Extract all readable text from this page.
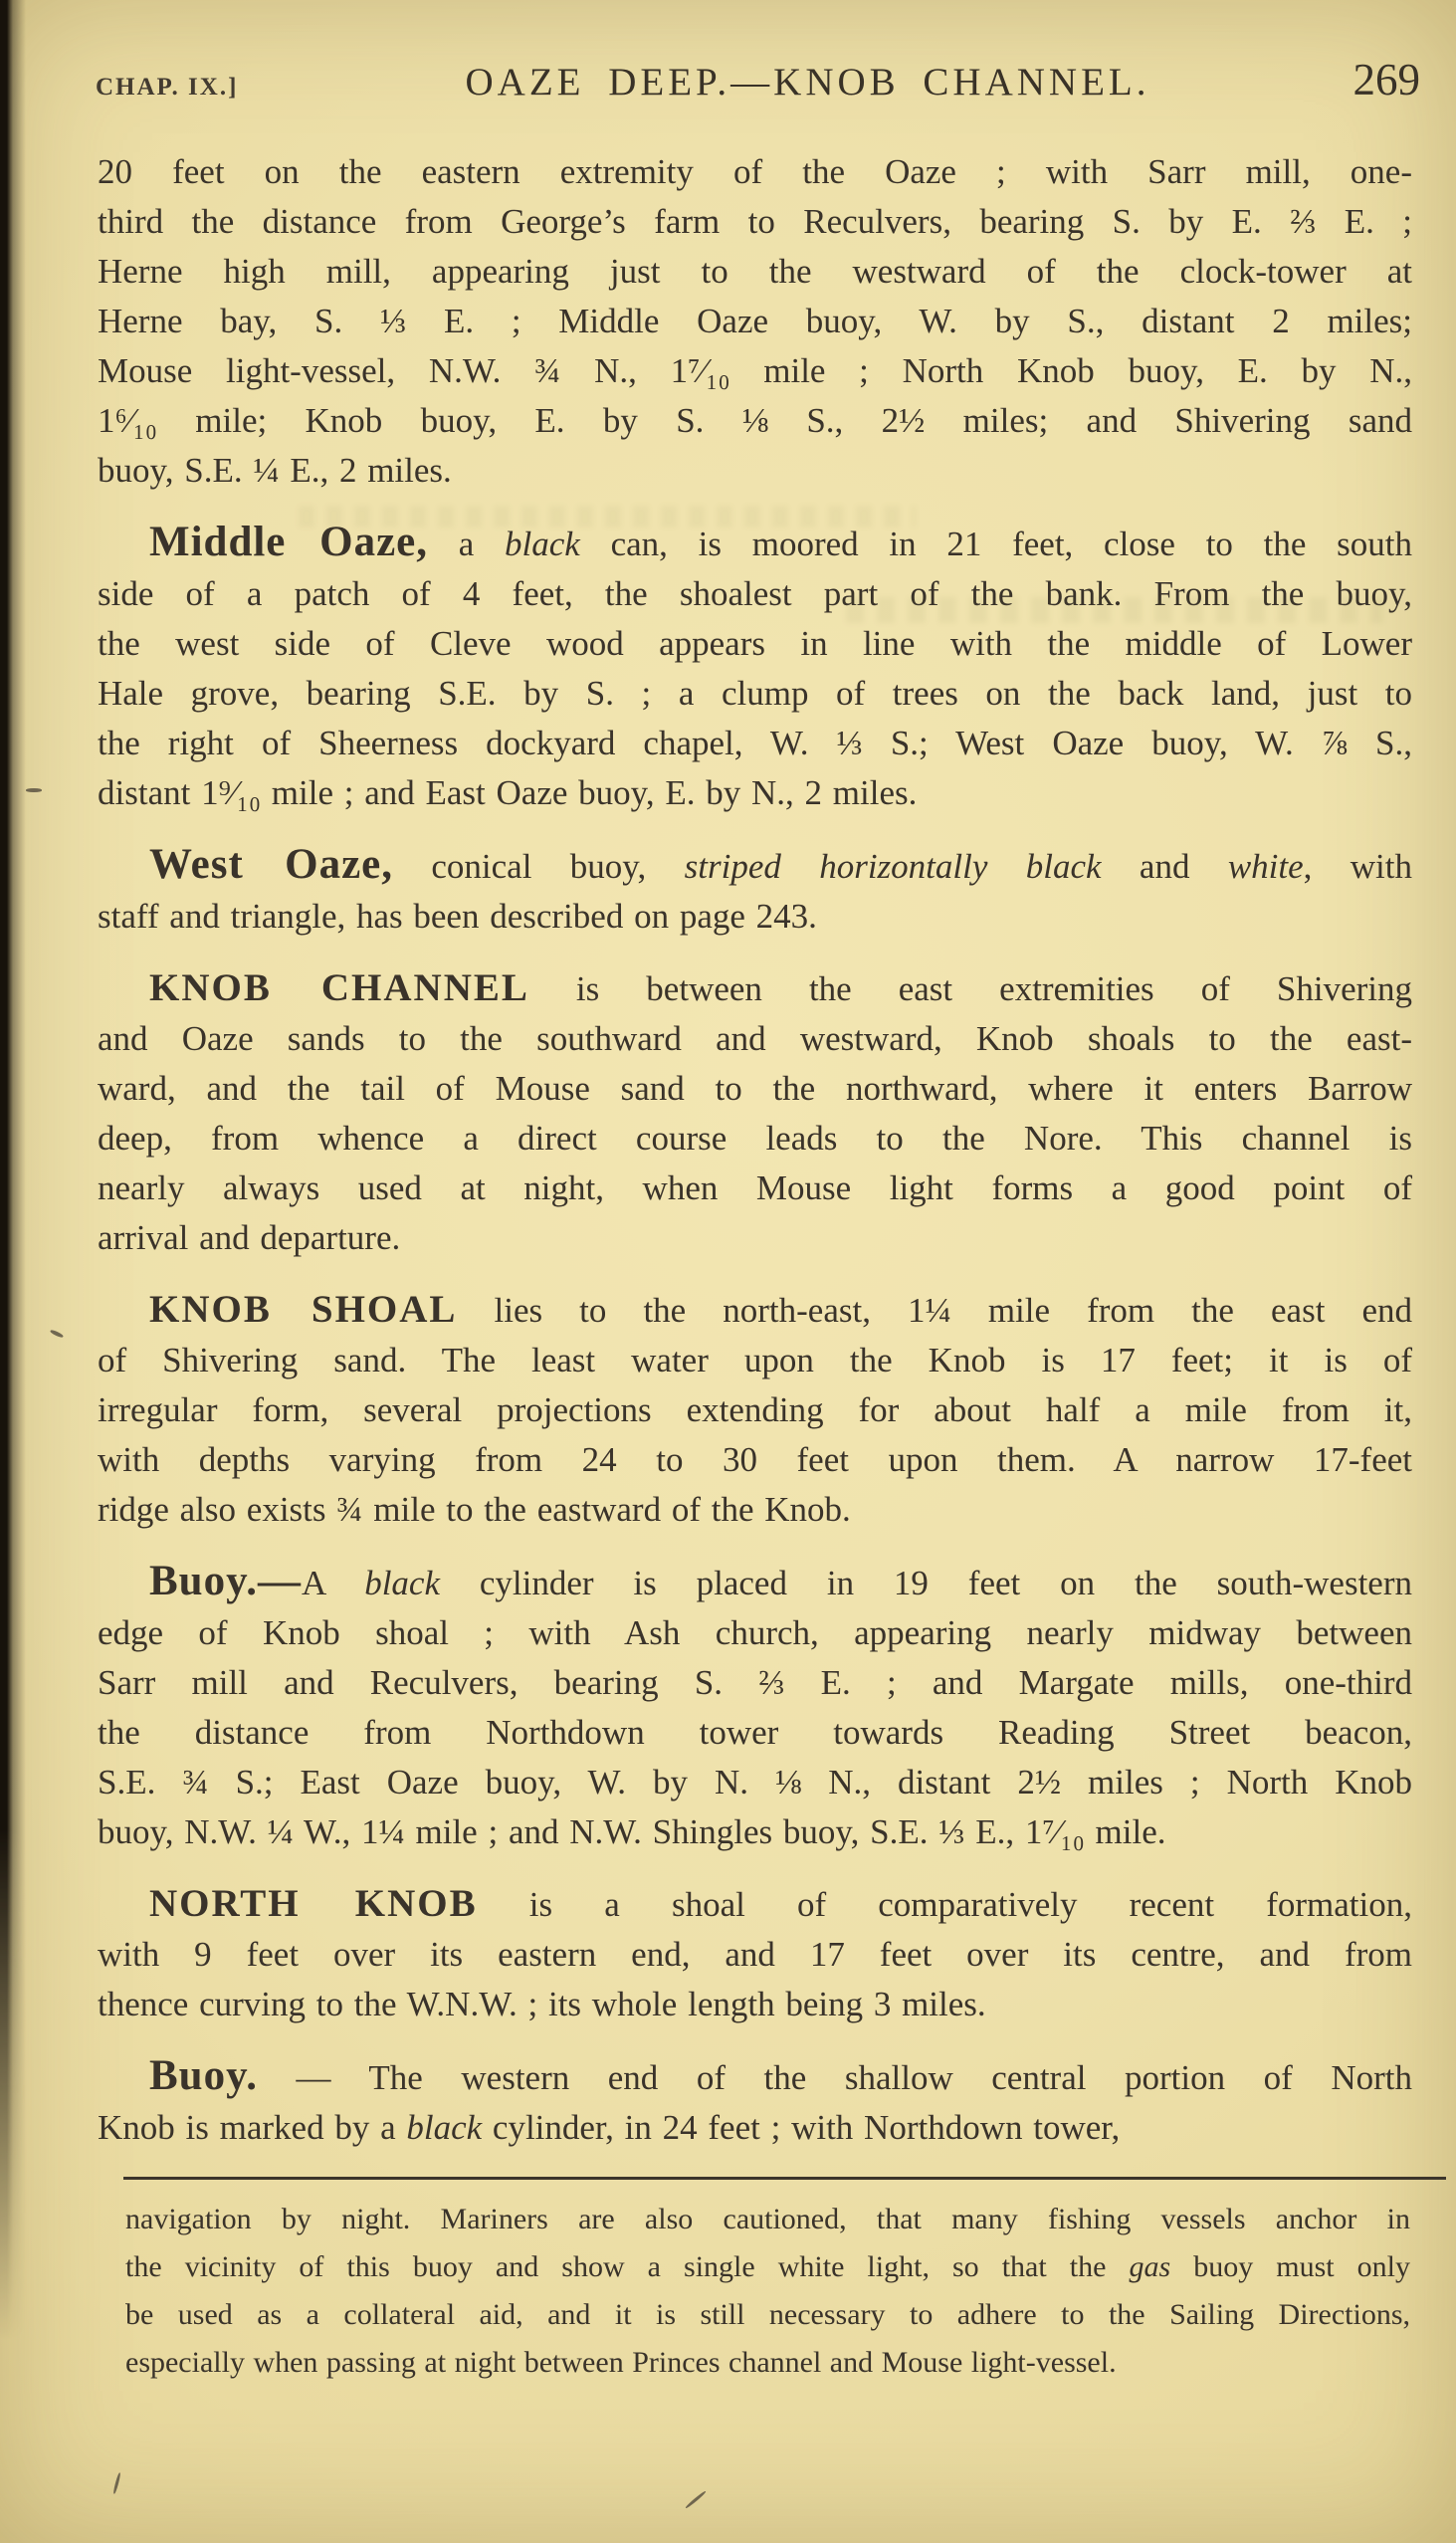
CHAP. IX.]	OAZE DEEP.—KNOB CHANNEL.	269

20 feet on the eastern extremity of the Oaze ; with Sarr mill, one-
third the distance from George’s farm to Reculvers, bearing S. by E. ⅔ E. ;
Herne high mill, appearing just to the westward of the clock-tower at
Herne bay, S. ⅓ E. ; Middle Oaze buoy, W. by S., distant 2 miles;
Mouse light-vessel, N.W. ¾ N., 1⁷⁄₁₀ mile ; North Knob buoy, E. by N.,
1⁶⁄₁₀ mile; Knob buoy, E. by S. ⅛ S., 2½ miles; and Shivering sand
buoy, S.E. ¼ E., 2 miles.

Middle Oaze, a black can, is moored in 21 feet, close to the south
side of a patch of 4 feet, the shoalest part of the bank. From the buoy,
the west side of Cleve wood appears in line with the middle of Lower
Hale grove, bearing S.E. by S. ; a clump of trees on the back land, just to
the right of Sheerness dockyard chapel, W. ⅓ S.; West Oaze buoy, W. ⅞ S.,
distant 1⁹⁄₁₀ mile ; and East Oaze buoy, E. by N., 2 miles.

West Oaze, conical buoy, striped horizontally black and white, with
staff and triangle, has been described on page 243.

KNOB CHANNEL is between the east extremities of Shivering
and Oaze sands to the southward and westward, Knob shoals to the east-
ward, and the tail of Mouse sand to the northward, where it enters Barrow
deep, from whence a direct course leads to the Nore. This channel is
nearly always used at night, when Mouse light forms a good point of
arrival and departure.

KNOB SHOAL lies to the north-east, 1¼ mile from the east end
of Shivering sand. The least water upon the Knob is 17 feet; it is of
irregular form, several projections extending for about half a mile from it,
with depths varying from 24 to 30 feet upon them. A narrow 17-feet
ridge also exists ¾ mile to the eastward of the Knob.

Buoy.—A black cylinder is placed in 19 feet on the south-western
edge of Knob shoal ; with Ash church, appearing nearly midway between
Sarr mill and Reculvers, bearing S. ⅔ E. ; and Margate mills, one-third
the distance from Northdown tower towards Reading Street beacon,
S.E. ¾ S.; East Oaze buoy, W. by N. ⅛ N., distant 2½ miles ; North Knob
buoy, N.W. ¼ W., 1¼ mile ; and N.W. Shingles buoy, S.E. ⅓ E., 1⁷⁄₁₀ mile.

NORTH KNOB is a shoal of comparatively recent formation,
with 9 feet over its eastern end, and 17 feet over its centre, and from
thence curving to the W.N.W. ; its whole length being 3 miles.

Buoy. — The western end of the shallow central portion of North
Knob is marked by a black cylinder, in 24 feet ; with Northdown tower,

navigation by night. Mariners are also cautioned, that many fishing vessels anchor in
the vicinity of this buoy and show a single white light, so that the gas buoy must only
be used as a collateral aid, and it is still necessary to adhere to the Sailing Directions,
especially when passing at night between Princes channel and Mouse light-vessel.
